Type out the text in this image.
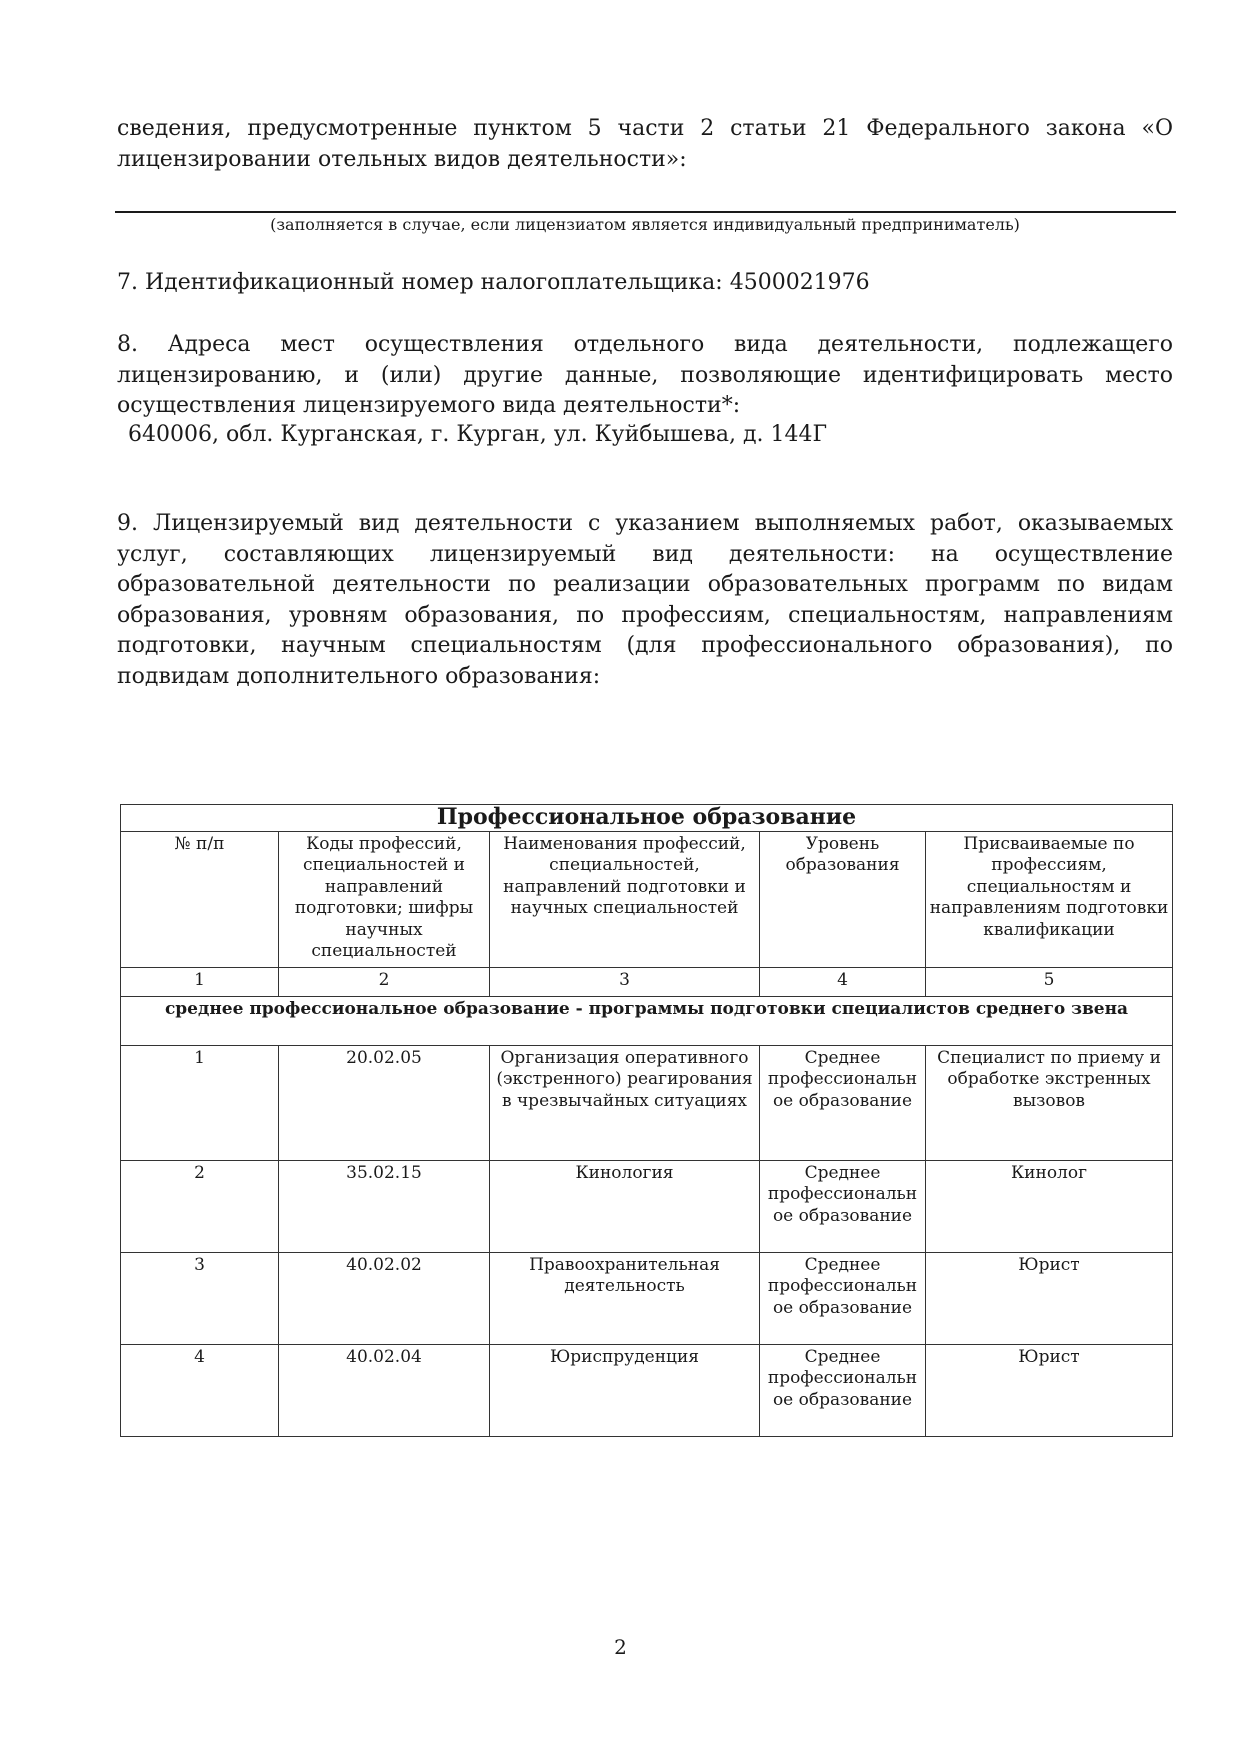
сведения, предусмотренные пунктом 5 части 2 статьи 21 Федерального закона «О лицензировании отельных видов деятельности»:

(заполняется в случае, если лицензиатом является индивидуальный предприниматель)

7. Идентификационный номер налогоплательщика: 4500021976

8. Адреса мест осуществления отдельного вида деятельности, подлежащего лицензированию, и (или) другие данные, позволяющие идентифицировать место осуществления лицензируемого вида деятельности*:

640006, обл. Курганская, г. Курган, ул. Куйбышева, д. 144Г

9. Лицензируемый вид деятельности с указанием выполняемых работ, оказываемых услуг, составляющих лицензируемый вид деятельности: на осуществление образовательной деятельности по реализации образовательных программ по видам образования, уровням образования, по профессиям, специальностям, направлениям подготовки, научным специальностям (для профессионального образования), по подвидам дополнительного образования:

Профессиональное образование				
№ п/п	Коды профессий, специальностей и направлений подготовки; шифры научных специальностей	Наименования профессий, специальностей, направлений подготовки и научных специальностей	Уровень образования	Присваиваемые по профессиям, специальностям и направлениям подготовки квалификации
1	2	3	4	5
среднее профессиональное образование - программы подготовки специалистов среднего звена				
1	20.02.05	Организация оперативного (экстренного) реагирования в чрезвычайных ситуациях	Среднее профессиональное образование	Специалист по приему и обработке экстренных вызовов
2	35.02.15	Кинология	Среднее профессиональное образование	Кинолог
3	40.02.02	Правоохранительная деятельность	Среднее профессиональное образование	Юрист
4	40.02.04	Юриспруденция	Среднее профессиональное образование	Юрист

2
